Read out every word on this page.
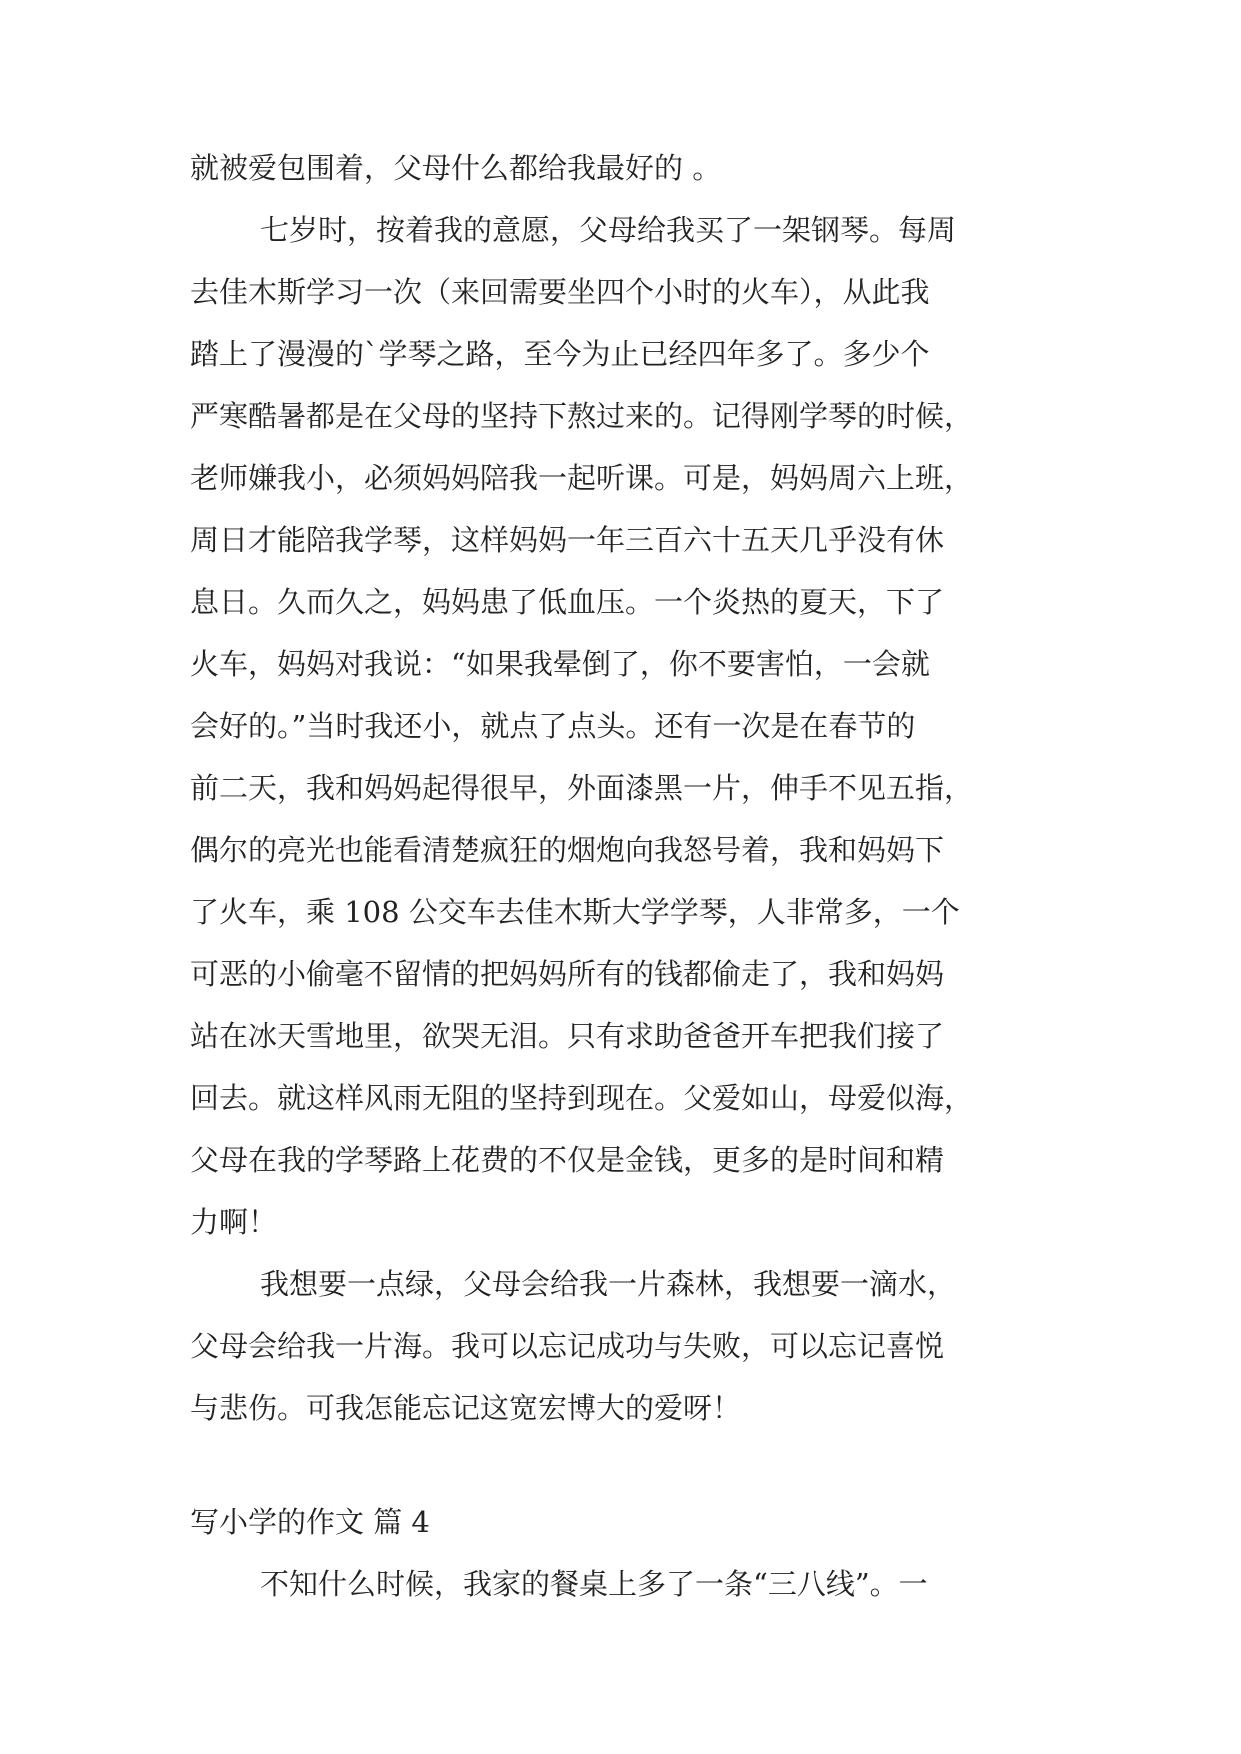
就被爱包围着，父母什么都给我最好的 。
七岁时，按着我的意愿，父母给我买了一架钢琴。每周
去佳木斯学习一次（来回需要坐四个小时的火车），从此我
踏上了漫漫的`学琴之路，至今为止已经四年多了。多少个
严寒酷暑都是在父母的坚持下熬过来的。记得刚学琴的时候，
老师嫌我小，必须妈妈陪我一起听课。可是，妈妈周六上班，
周日才能陪我学琴，这样妈妈一年三百六十五天几乎没有休
息日。久而久之，妈妈患了低血压。一个炎热的夏天，下了
火车，妈妈对我说：“如果我晕倒了，你不要害怕，一会就
会好的。”当时我还小，就点了点头。还有一次是在春节的
前二天，我和妈妈起得很早，外面漆黑一片，伸手不见五指，
偶尔的亮光也能看清楚疯狂的烟炮向我怒号着，我和妈妈下
了火车，乘 108 公交车去佳木斯大学学琴，人非常多，一个
可恶的小偷毫不留情的把妈妈所有的钱都偷走了，我和妈妈
站在冰天雪地里，欲哭无泪。只有求助爸爸开车把我们接了
回去。就这样风雨无阻的坚持到现在。父爱如山，母爱似海，
父母在我的学琴路上花费的不仅是金钱，更多的是时间和精
力啊！
我想要一点绿，父母会给我一片森林，我想要一滴水，
父母会给我一片海。我可以忘记成功与失败，可以忘记喜悦
与悲伤。可我怎能忘记这宽宏博大的爱呀！
写小学的作文 篇 4
不知什么时候，我家的餐桌上多了一条“三八线”。一
